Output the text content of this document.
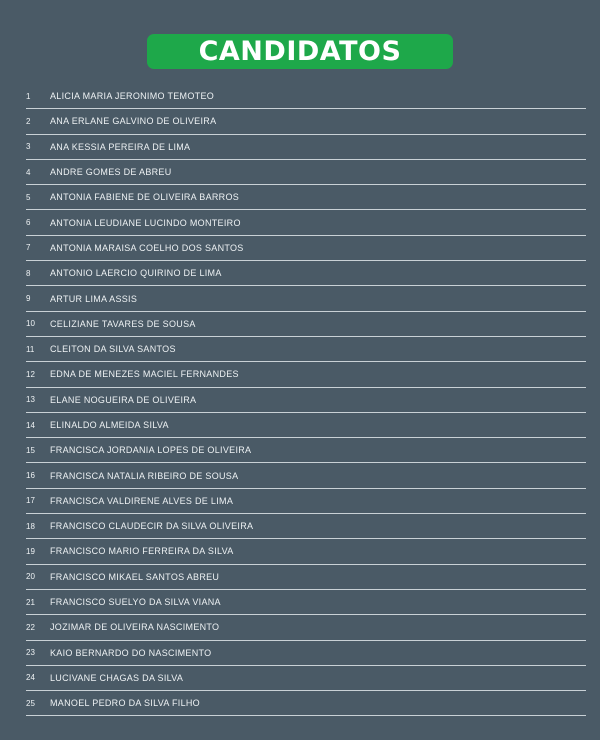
CANDIDATOS
1	ALICIA MARIA JERONIMO TEMOTEO
2	ANA ERLANE GALVINO DE OLIVEIRA
3	ANA KESSIA PEREIRA DE LIMA
4	ANDRE GOMES DE ABREU
5	ANTONIA FABIENE DE OLIVEIRA BARROS
6	ANTONIA LEUDIANE LUCINDO MONTEIRO
7	ANTONIA MARAISA COELHO DOS SANTOS
8	ANTONIO LAERCIO QUIRINO DE LIMA
9	ARTUR LIMA ASSIS
10	CELIZIANE TAVARES DE SOUSA
11	CLEITON DA SILVA SANTOS
12	EDNA DE MENEZES MACIEL FERNANDES
13	ELANE NOGUEIRA DE OLIVEIRA
14	ELINALDO ALMEIDA SILVA
15	FRANCISCA JORDANIA LOPES DE OLIVEIRA
16	FRANCISCA NATALIA RIBEIRO DE SOUSA
17	FRANCISCA VALDIRENE ALVES DE LIMA
18	FRANCISCO CLAUDECIR DA SILVA OLIVEIRA
19	FRANCISCO MARIO FERREIRA DA SILVA
20	FRANCISCO MIKAEL SANTOS ABREU
21	FRANCISCO SUELYO DA SILVA VIANA
22	JOZIMAR DE OLIVEIRA NASCIMENTO
23	KAIO BERNARDO DO NASCIMENTO
24	LUCIVANE CHAGAS DA SILVA
25	MANOEL PEDRO DA SILVA FILHO
